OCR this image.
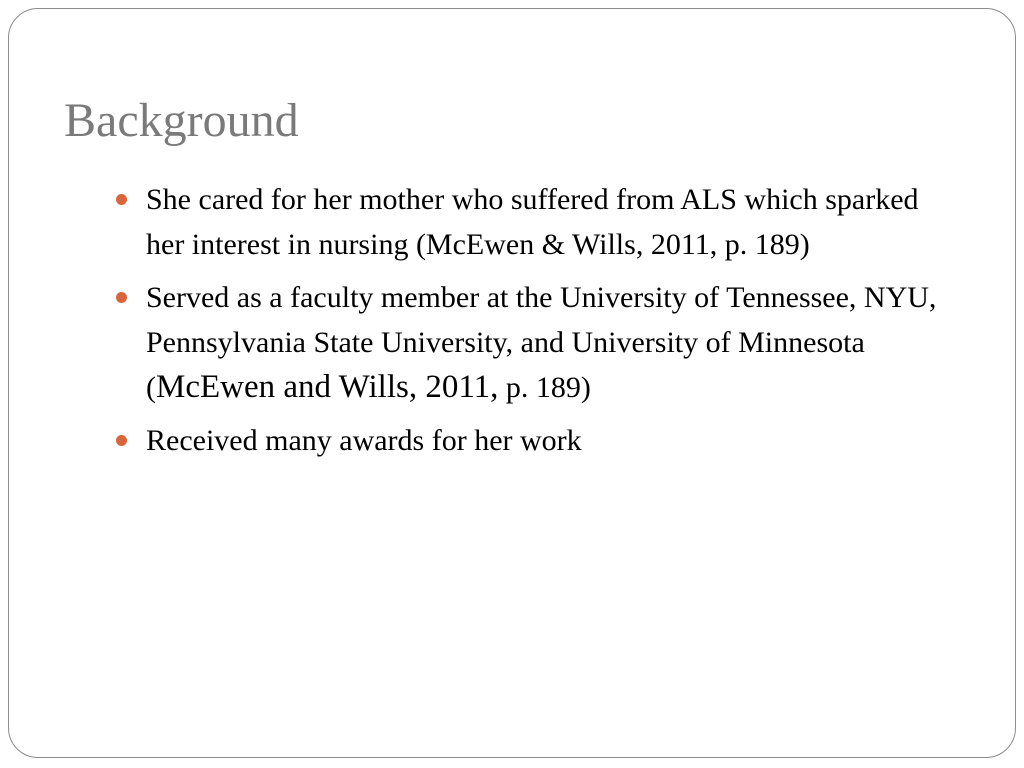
Background
She cared for her mother who suffered from ALS which sparked her interest in nursing (McEwen & Wills, 2011, p. 189)
Served as a faculty member at the University of Tennessee, NYU, Pennsylvania State University, and University of Minnesota (McEwen and Wills, 2011, p. 189)
Received many awards for her work
